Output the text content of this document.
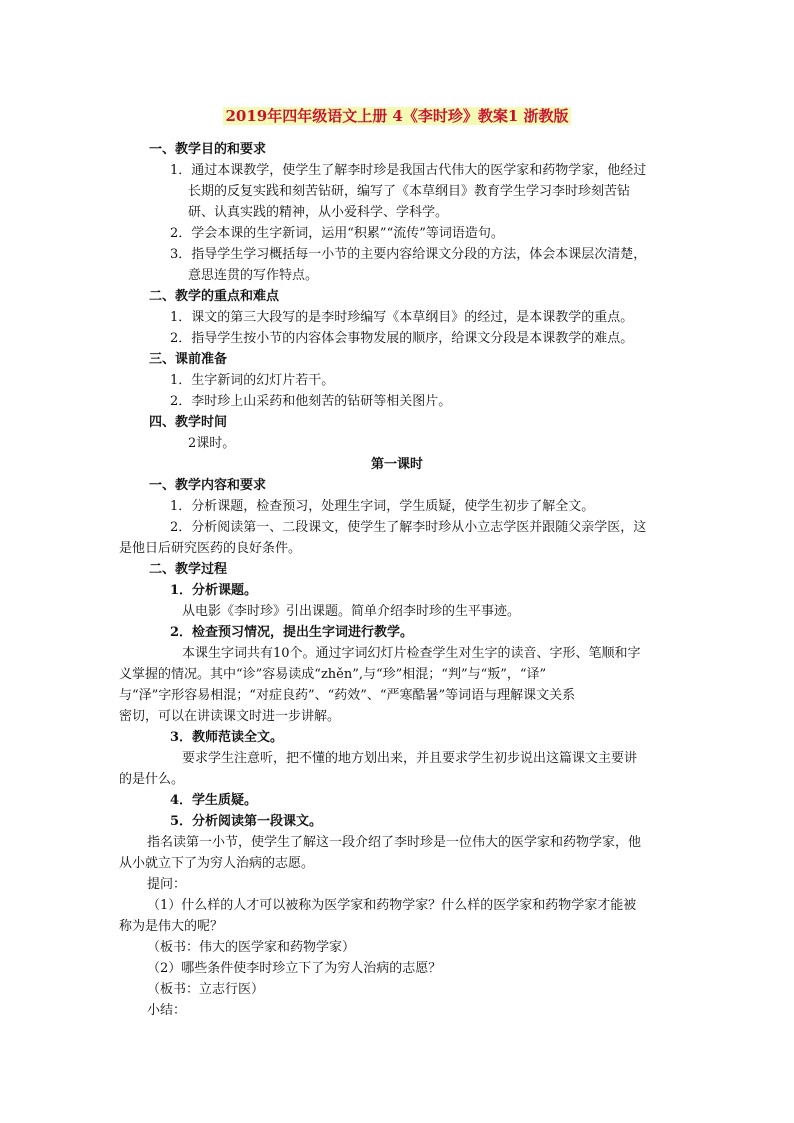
2019年四年级语文上册 4《李时珍》教案1 浙教版
一、教学目的和要求
1．通过本课教学，使学生了解李时珍是我国古代伟大的医学家和药物学家，他经过
长期的反复实践和刻苦钻研，编写了《本草纲目》教育学生学习李时珍刻苦钻
研、认真实践的精神，从小爱科学、学科学。
2．学会本课的生字新词，运用“积累”“流传”等词语造句。
3．指导学生学习概括每一小节的主要内容给课文分段的方法，体会本课层次清楚，
意思连贯的写作特点。
二、教学的重点和难点
1．课文的第三大段写的是李时珍编写《本草纲目》的经过，是本课教学的重点。
2．指导学生按小节的内容体会事物发展的顺序，给课文分段是本课教学的难点。
三、课前准备
1．生字新词的幻灯片若干。
2．李时珍上山采药和他刻苦的钻研等相关图片。
四、教学时间
2课时。
第一课时
一、教学内容和要求
1．分析课题，检查预习，处理生字词，学生质疑，使学生初步了解全文。
2．分析阅读第一、二段课文，使学生了解李时珍从小立志学医并跟随父亲学医，这
是他日后研究医药的良好条件。
二、教学过程
1．分析课题。
从电影《李时珍》引出课题。简单介绍李时珍的生平事迹。
2．检查预习情况，提出生字词进行教学。
本课生字词共有10个。通过字词幻灯片检查学生对生字的读音、字形、笔顺和字
义掌握的情况。其中“诊”容易读成“zhěn”,与“珍”相混；“判”与“叛”，“译”
与“泽”字形容易相混；“对症良药”、“药效”、“严寒酷暑”等词语与理解课文关系
密切，可以在讲读课文时进一步讲解。
3．教师范读全文。
要求学生注意听，把不懂的地方划出来，并且要求学生初步说出这篇课文主要讲
的是什么。
4．学生质疑。
5．分析阅读第一段课文。
指名读第一小节，使学生了解这一段介绍了李时珍是一位伟大的医学家和药物学家，他
从小就立下了为穷人治病的志愿。
提问：
（1）什么样的人才可以被称为医学家和药物学家？什么样的医学家和药物学家才能被
称为是伟大的呢？
（板书：伟大的医学家和药物学家）
（2）哪些条件使李时珍立下了为穷人治病的志愿？
（板书：立志行医）
小结：
